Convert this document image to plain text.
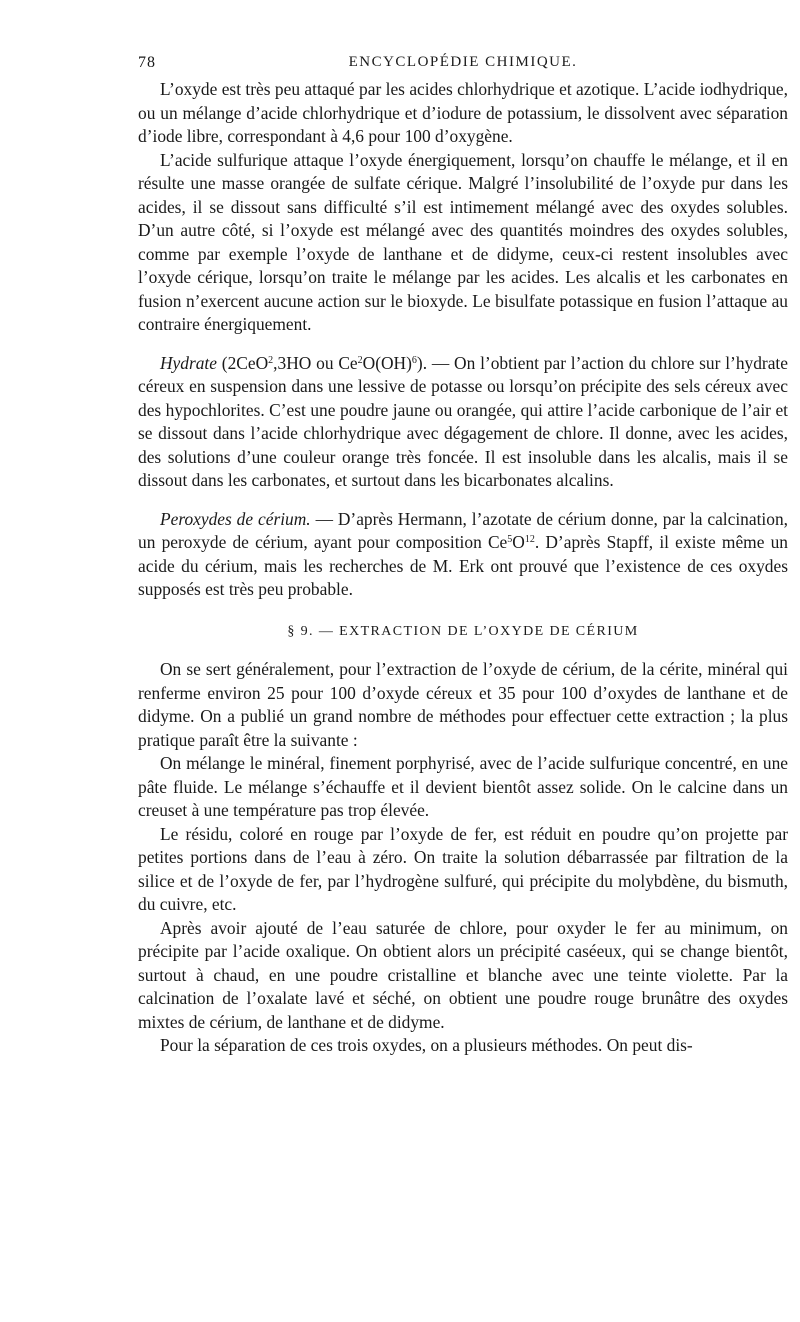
78	ENCYCLOPÉDIE CHIMIQUE.

L’oxyde est très peu attaqué par les acides chlorhydrique et azotique. L’acide iodhydrique, ou un mélange d’acide chlorhydrique et d’iodure de potassium, le dissolvent avec séparation d’iode libre, correspondant à 4,6 pour 100 d’oxygène.

L’acide sulfurique attaque l’oxyde énergiquement, lorsqu’on chauffe le mélange, et il en résulte une masse orangée de sulfate cérique. Malgré l’insolubilité de l’oxyde pur dans les acides, il se dissout sans difficulté s’il est intimement mélangé avec des oxydes solubles. D’un autre côté, si l’oxyde est mélangé avec des quantités moindres des oxydes solubles, comme par exemple l’oxyde de lanthane et de didyme, ceux-ci restent insolubles avec l’oxyde cérique, lorsqu’on traite le mélange par les acides. Les alcalis et les carbonates en fusion n’exercent aucune action sur le bioxyde. Le bisulfate potassique en fusion l’attaque au contraire énergiquement.

Hydrate (2CeO$^2$,3HO ou Ce$^2$O(OH)$^6$). — On l’obtient par l’action du chlore sur l’hydrate céreux en suspension dans une lessive de potasse ou lorsqu’on précipite des sels céreux avec des hypochlorites. C’est une poudre jaune ou orangée, qui attire l’acide carbonique de l’air et se dissout dans l’acide chlorhydrique avec dégagement de chlore. Il donne, avec les acides, des solutions d’une couleur orange très foncée. Il est insoluble dans les alcalis, mais il se dissout dans les carbonates, et surtout dans les bicarbonates alcalins.

Peroxydes de cérium. — D’après Hermann, l’azotate de cérium donne, par la calcination, un peroxyde de cérium, ayant pour composition $Ce^5O^{12}$. D’après Stapff, il existe même un acide du cérium, mais les recherches de M. Erk ont prouvé que l’existence de ces oxydes supposés est très peu probable.

§ 9. — EXTRACTION DE L’OXYDE DE CÉRIUM

On se sert généralement, pour l’extraction de l’oxyde de cérium, de la cérite, minéral qui renferme environ 25 pour 100 d’oxyde céreux et 35 pour 100 d’oxydes de lanthane et de didyme. On a publié un grand nombre de méthodes pour effectuer cette extraction ; la plus pratique paraît être la suivante :

On mélange le minéral, finement porphyrisé, avec de l’acide sulfurique concentré, en une pâte fluide. Le mélange s’échauffe et il devient bientôt assez solide. On le calcine dans un creuset à une température pas trop élevée.

Le résidu, coloré en rouge par l’oxyde de fer, est réduit en poudre qu’on projette par petites portions dans de l’eau à zéro. On traite la solution débarrassée par filtration de la silice et de l’oxyde de fer, par l’hydrogène sulfuré, qui précipite du molybdène, du bismuth, du cuivre, etc.

Après avoir ajouté de l’eau saturée de chlore, pour oxyder le fer au minimum, on précipite par l’acide oxalique. On obtient alors un précipité caséeux, qui se change bientôt, surtout à chaud, en une poudre cristalline et blanche avec une teinte violette. Par la calcination de l’oxalate lavé et séché, on obtient une poudre rouge brunâtre des oxydes mixtes de cérium, de lanthane et de didyme.

Pour la séparation de ces trois oxydes, on a plusieurs méthodes. On peut dis-
